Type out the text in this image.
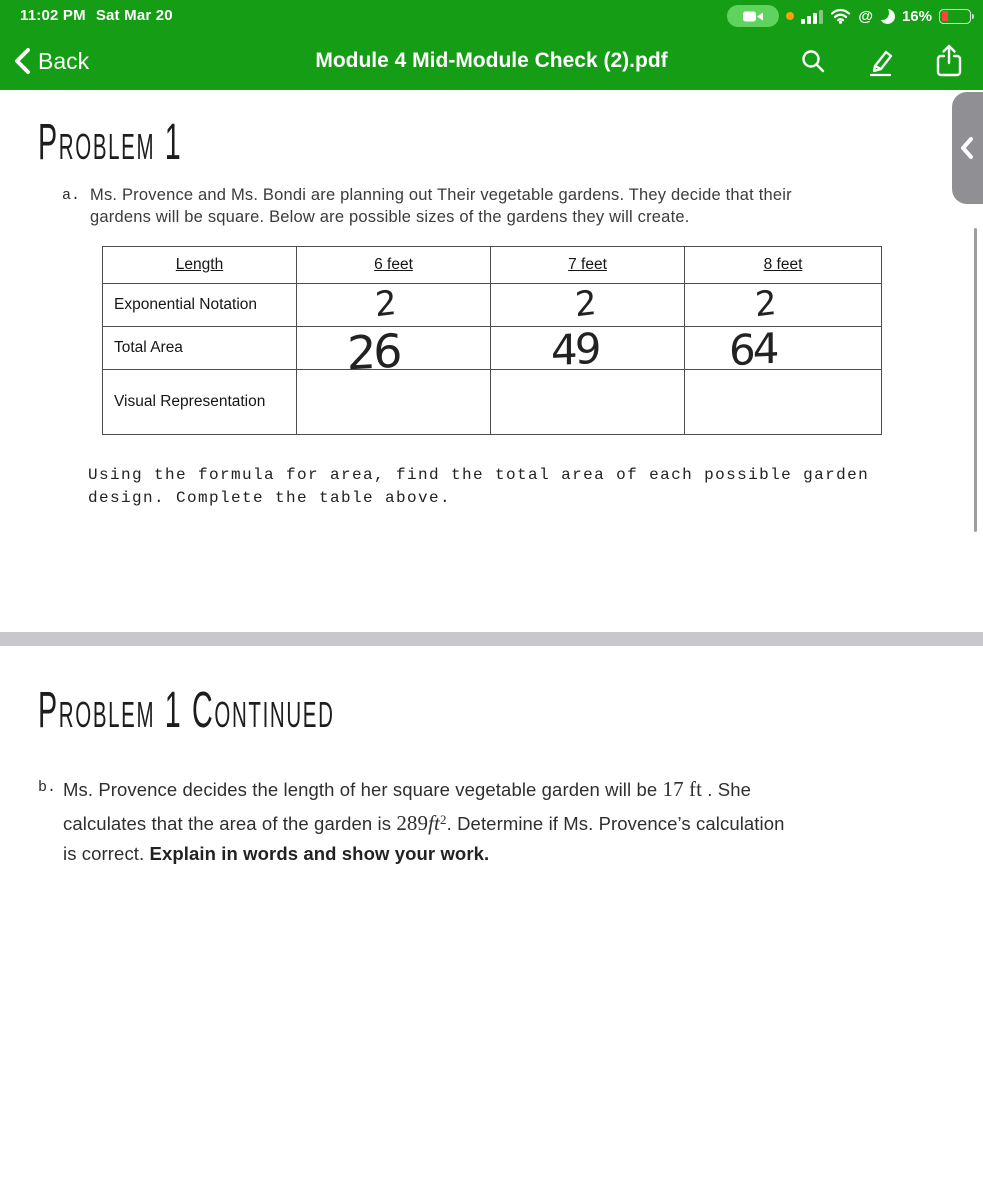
11:02 PM Sat Mar 20	@ 16%
Back	Module 4 Mid-Module Check (2).pdf
Problem 1
a. Ms. Provence and Ms. Bondi are planning out Their vegetable gardens. They decide that their
gardens will be square. Below are possible sizes of the gardens they will create.
Length	6 feet	7 feet	8 feet
Exponential Notation	2	2	2
Total Area	26	49	64
Visual Representation
Using the formula for area, find the total area of each possible garden
design. Complete the table above.
Problem 1 Continued
b. Ms. Provence decides the length of her square vegetable garden will be 17 ft . She
calculates that the area of the garden is $289ft^2$. Determine if Ms. Provence’s calculation
is correct. Explain in words and show your work.
